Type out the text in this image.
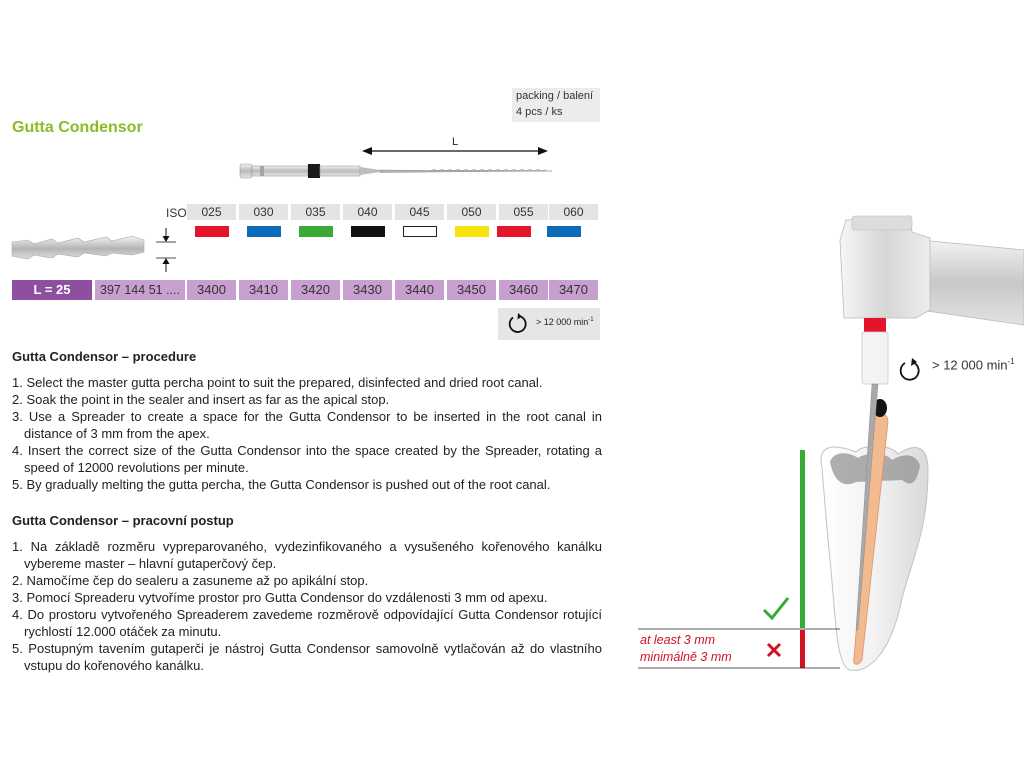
Gutta Condensor
packing / balení
4 pcs / ks
L
ISO	025	030	035	040	045	050	055	060
L = 25	397 144 51 ....	3400	3410	3420	3430	3440	3450	3460	3470
> 12 000 $\min^{-1}$
Gutta Condensor – procedure
1. Select the master gutta percha point to suit the prepared, disinfected and dried root canal.
2. Soak the point in the sealer and insert as far as the apical stop.
3. Use a Spreader to create a space for the Gutta Condensor to be inserted in the root canal in distance of 3 mm from the apex.
4. Insert the correct size of the Gutta Condensor into the space created by the Spreader, rotating a speed of 12000 revolutions per minute.
5. By gradually melting the gutta percha, the Gutta Condensor is pushed out of the root canal.
Gutta Condensor – pracovní postup
1. Na základě rozměru vypreparovaného, vydezinfikovaného a vysušeného kořenového kanálku vybereme master – hlavní gutaperčový čep.
2. Namočíme čep do sealeru a zasuneme až po apikální stop.
3. Pomocí Spreaderu vytvoříme prostor pro Gutta Condensor do vzdálenosti 3 mm od apexu.
4. Do prostoru vytvořeného Spreaderem zavedeme rozměrově odpovídající Gutta Condensor rotující rychlostí 12.000 otáček za minutu.
5. Postupným tavením gutaperči je nástroj Gutta Condensor samovolně vytlačován až do vlastního vstupu do kořenového kanálku.
> 12 000 $\min^{-1}$
at least 3 mm
minimálně 3 mm
